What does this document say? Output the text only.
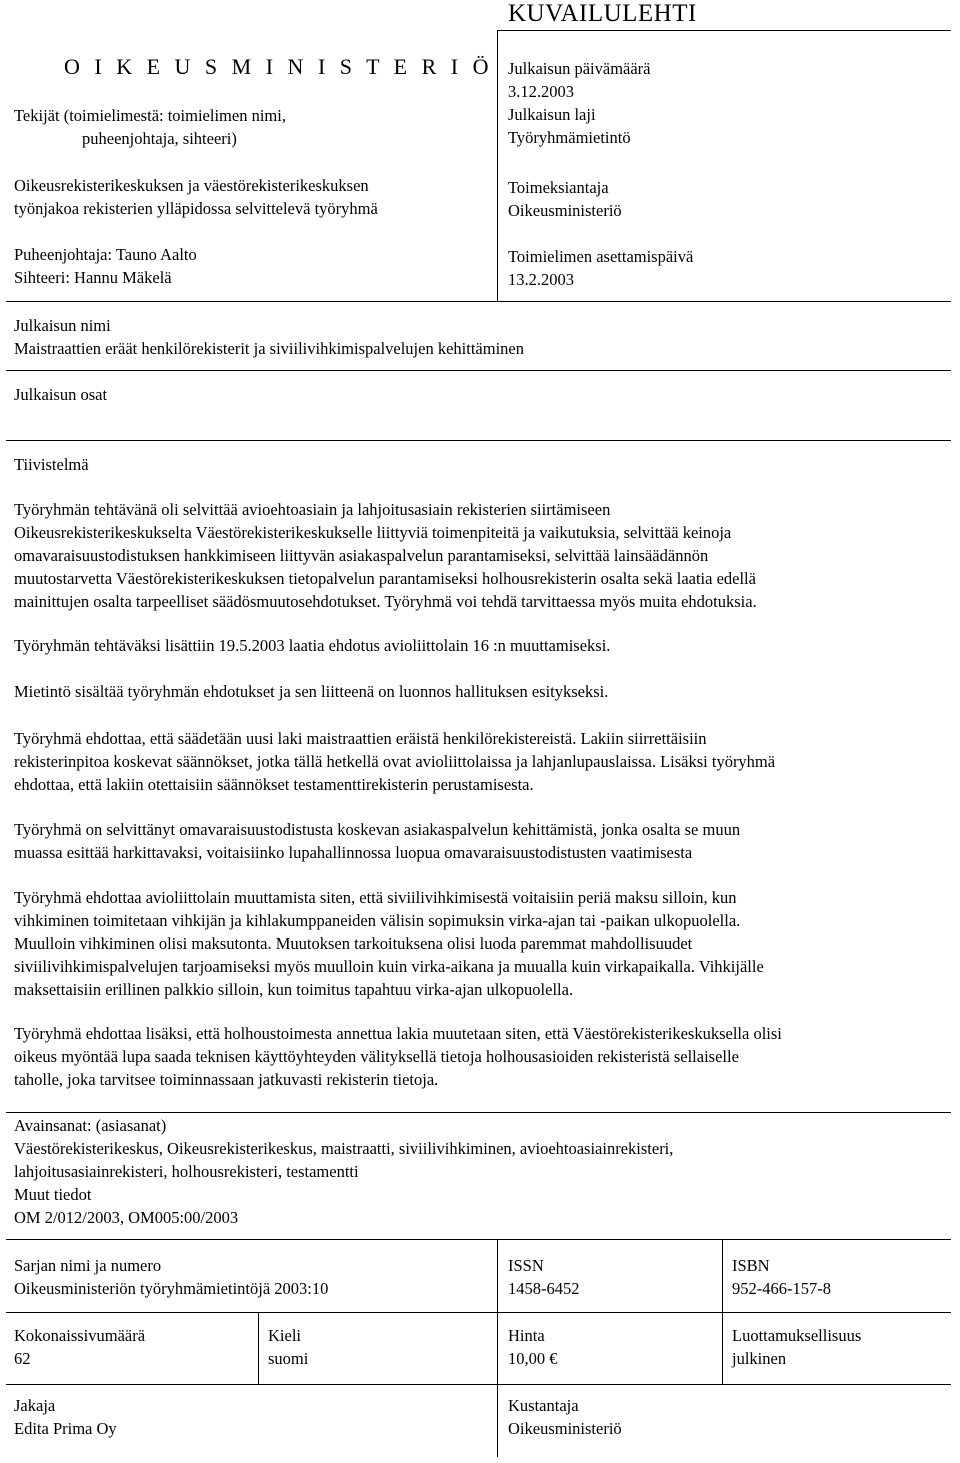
KUVAILULEHTI
O I K E U S M I N I S T E R I Ö

Tekijät (toimielimestä: toimielimen nimi,

puheenjohtaja, sihteeri)

Oikeusrekisterikeskuksen ja väestörekisterikeskuksen

työnjakoa rekisterien ylläpidossa selvittelevä työryhmä

Puheenjohtaja: Tauno Aalto

Sihteeri: Hannu Mäkelä

Julkaisun päivämäärä

3.12.2003

Julkaisun laji

Työryhmämietintö

Toimeksiantaja

Oikeusministeriö

Toimielimen asettamispäivä

13.2.2003

Julkaisun nimi

Maistraattien eräät henkilörekisterit ja siviilivihkimispalvelujen kehittäminen

Julkaisun osat

Tiivistelmä

Työryhmän tehtävänä oli selvittää avioehtoasiain ja lahjoitusasiain rekisterien siirtämiseen

Oikeusrekisterikeskukselta Väestörekisterikeskukselle liittyviä toimenpiteitä ja vaikutuksia, selvittää keinoja

omavaraisuustodistuksen hankkimiseen liittyvän asiakaspalvelun parantamiseksi, selvittää lainsäädännön

muutostarvetta Väestörekisterikeskuksen tietopalvelun parantamiseksi holhousrekisterin osalta sekä laatia edellä

mainittujen osalta tarpeelliset säädösmuutosehdotukset. Työryhmä voi tehdä tarvittaessa myös muita ehdotuksia.

Työryhmän tehtäväksi lisättiin 19.5.2003 laatia ehdotus avioliittolain 16 :n muuttamiseksi.

Mietintö sisältää työryhmän ehdotukset ja sen liitteenä on luonnos hallituksen esitykseksi.

Työryhmä ehdottaa, että säädetään uusi laki maistraattien eräistä henkilörekistereistä. Lakiin siirrettäisiin

rekisterinpitoa koskevat säännökset, jotka tällä hetkellä ovat avioliittolaissa ja lahjanlupauslaissa. Lisäksi työryhmä

ehdottaa, että lakiin otettaisiin säännökset testamenttirekisterin perustamisesta.

Työryhmä on selvittänyt omavaraisuustodistusta koskevan asiakaspalvelun kehittämistä, jonka osalta se muun

muassa esittää harkittavaksi, voitaisiinko lupahallinnossa luopua omavaraisuustodistusten vaatimisesta

Työryhmä ehdottaa avioliittolain muuttamista siten, että siviilivihkimisestä voitaisiin periä maksu silloin, kun

vihkiminen toimitetaan vihkijän ja kihlakumppaneiden välisin sopimuksin virka-ajan tai -paikan ulkopuolella.

Muulloin vihkiminen olisi maksutonta. Muutoksen tarkoituksena olisi luoda paremmat mahdollisuudet

siviilivihkimispalvelujen tarjoamiseksi myös muulloin kuin virka-aikana ja muualla kuin virkapaikalla. Vihkijälle

maksettaisiin erillinen palkkio silloin, kun toimitus tapahtuu virka-ajan ulkopuolella.

Työryhmä ehdottaa lisäksi, että holhoustoimesta annettua lakia muutetaan siten, että Väestörekisterikeskuksella olisi

oikeus myöntää lupa saada teknisen käyttöyhteyden välityksellä tietoja holhousasioiden rekisteristä sellaiselle

taholle, joka tarvitsee toiminnassaan jatkuvasti rekisterin tietoja.

Avainsanat: (asiasanat)

Väestörekisterikeskus, Oikeusrekisterikeskus, maistraatti, siviilivihkiminen, avioehtoasiainrekisteri,

lahjoitusasiainrekisteri, holhousrekisteri, testamentti

Muut tiedot

OM 2/012/2003, OM005:00/2003

Sarjan nimi ja numero

Oikeusministeriön työryhmämietintöjä 2003:10

ISSN

1458-6452

ISBN

952-466-157-8

Kokonaissivumäärä

62

Kieli

suomi

Hinta

10,00 €

Luottamuksellisuus

julkinen

Jakaja

Edita Prima Oy

Kustantaja

Oikeusministeriö
